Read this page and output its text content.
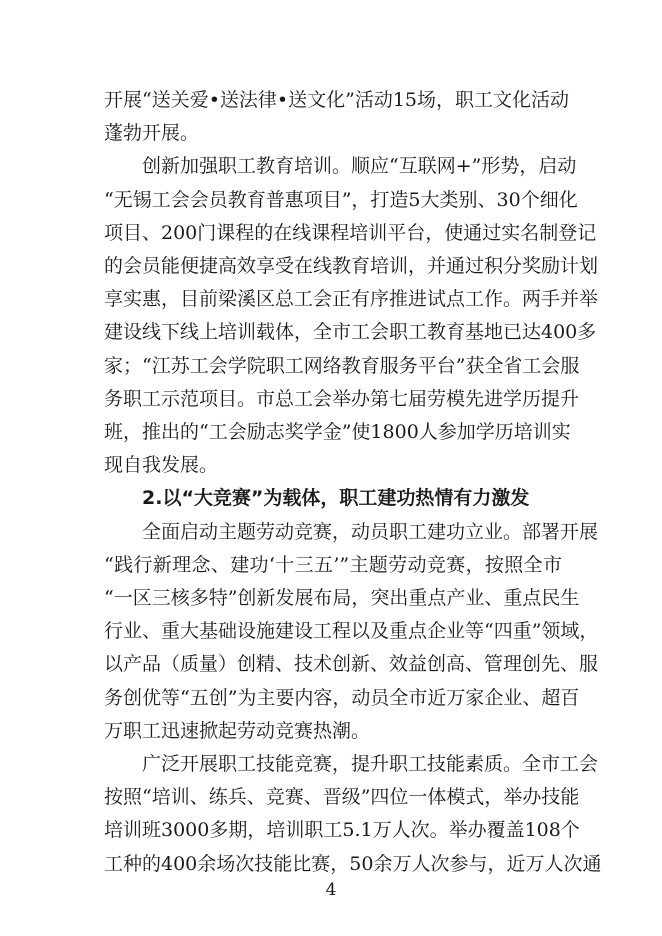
开展“送关爱•送法律•送文化”活动15场，职工文化活动
蓬勃开展。
创新加强职工教育培训。顺应“互联网+”形势，启动
“无锡工会会员教育普惠项目”，打造5大类别、30个细化
项目、200门课程的在线课程培训平台，使通过实名制登记
的会员能便捷高效享受在线教育培训，并通过积分奖励计划
享实惠，目前梁溪区总工会正有序推进试点工作。两手并举
建设线下线上培训载体，全市工会职工教育基地已达400多
家；“江苏工会学院职工网络教育服务平台”获全省工会服
务职工示范项目。市总工会举办第七届劳模先进学历提升
班，推出的“工会励志奖学金”使1800人参加学历培训实
现自我发展。
2.以“大竞赛”为载体，职工建功热情有力激发
全面启动主题劳动竞赛，动员职工建功立业。部署开展
“践行新理念、建功‘十三五’”主题劳动竞赛，按照全市
“一区三核多特”创新发展布局，突出重点产业、重点民生
行业、重大基础设施建设工程以及重点企业等“四重”领域，
以产品（质量）创精、技术创新、效益创高、管理创先、服
务创优等“五创”为主要内容，动员全市近万家企业、超百
万职工迅速掀起劳动竞赛热潮。
广泛开展职工技能竞赛，提升职工技能素质。全市工会
按照“培训、练兵、竞赛、晋级”四位一体模式，举办技能
培训班3000多期，培训职工5.1万人次。举办覆盖108个
工种的400余场次技能比赛，50余万人次参与，近万人次通
4
